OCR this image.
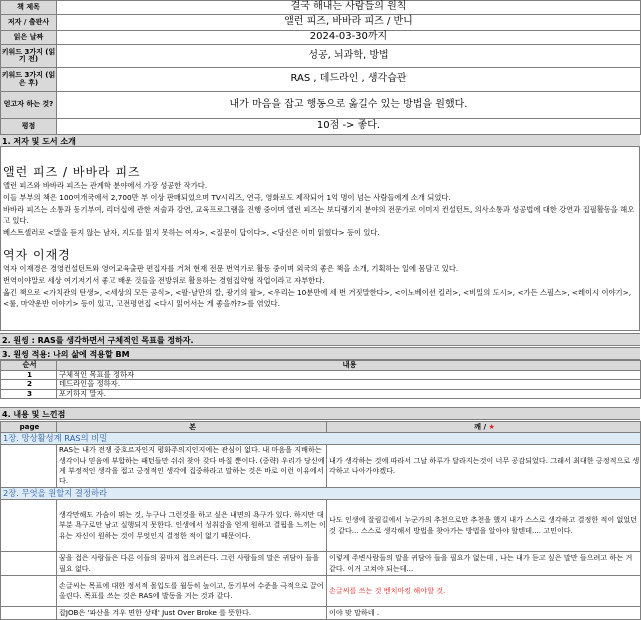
책 제목	결국 해내는 사람들의 원칙
저자 / 출판사	앨런 피즈, 바바라 피즈 / 반니
읽은 날짜	2024-03-30까지
키워드 3가지 (읽기 전)	성공, 뇌과학, 방법
키워드 3가지 (읽은 후)	RAS , 데드라인 , 생각습관
얻고자 하는 것?	내가 마음을 잡고 행동으로 옮길수 있는 방법을 원했다.
평점	10점 -> 좋다.
1. 저자 및 도서 소개
앨런 피즈 / 바바라 피즈
앨런 피즈와 바바라 피즈는 관계학 분야에서 가장 성공한 작가다.
이들 부부의 책은 100여개국에서 2,700만 부 이상 판매되었으며 TV시리즈, 연극, 영화로도 제작되어 1억 명이 넘는 사람들에게 소개 되었다.
바바라 피즈는 소통과 동기부여, 리더십에 관한 저술과 강연, 교육프로그램을 진행 중이며 앨런 피즈는 보디랭기지 분야의 전문가로 이미지 컨설턴트, 의사소통과 성공법에 대한 강연과 집필활동을 해오고 있다.
베스트셀러로 <말을 듣지 않는 남자, 지도를 읽지 못하는 여자>, <질문이 답이다>, <당신은 이미 읽혔다> 등이 있다.
역자 이재경
역자 이재경은 경영컨설턴트와 영어교육출판 편집자를 거쳐 현재 전문 번역가로 활동 중이며 외국의 좋은 책을 소개, 기획하는 일에 몸담고 있다.
번역이야말로 세상 여기저기서 좋고 배운 것들을 전방위로 활용하는 경험집약형 작업이라고 자부한다.
옮긴 책으로 <가치관의 탄생>, <세상의 모든 공식>, <팔-날만의 칼, 광기의 팔>, <우리는 10분만에 세 번 거짓말한다>, <이노베이션 킬러>, <비밀의 도시>, <가든 스필스>, <레이시 이야기>, <룰, 마약운반 이야기> 등이 있고, 고전평연집 <다시 읽어서는 게 좋을까?>를 엮었다.
2. 원씽 : RAS를 생각하면서 구체적인 목표를 정하자.
3. 원씽 적용: 나의 삶에 적용할 BM
순서	내용
1	구체적인 목표를 정하자
2	데드라인을 정하자.
3	포기하지 말자.
4. 내용 및 느낀점
page	본	깨 / ★
1장. 망상활성계 RAS의 비밀		
	RAS는 내가 전쟁 중호르자인지 평화주의지인지에는 관심이 없다. 내 마음을 지배하는 생각이나 믿음에 부합하는 패턴들만 쉬쉬 찾아 갖다 바칠 뿐이다. (중략) 우리가 당신에게 부정적인 생각을 접고 긍정적인 생각에 집중하라고 말하는 것은 바로 이런 이유에서다.	내가 생각하는 것에 따라서 그날 하루가 달라지는것이 너무 공감되었다. 그래서 최대한 긍정적으로 생각하고 나아가야겠다.
2장. 무엇을 원할지 결정하라		
	생각만해도 가슴이 뛰는 것, 누구나 그런것을 하고 싶은 내면의 욕구가 있다. 하지만 대부분 욕구로만 남고 실행되지 못한다. 인생에서 성취감을 얻게 원하고 결핍을 느끼는 이유는 자신이 원하는 것이 무엇인지 결정한 적이 없기 때문이다.	나도 인생에 잘림길에서 누군가의 추천으로만 추천을 했지 내가 스스로 생각하고 결정한 적이 없었던것 같다... 스스로 생각해서 방법을 찾아가는 방법을 알아야 할텐데.... 고민이다.
	꿈을 접은 사람들은 다른 이들의 꿈마저 접으려든다. 그런 사람들의 말은 귀담아 들을 필요 없다.	이렇게 주변사람들의 말을 귀담아 들을 필요가 없는데 , 나는 내가 듣고 싶은 말만 들으려고 하는 거 같다. 이거 고쳐야 되는데...
	손글씨는 목표에 대한 정서적 몰입도를 월등히 높이고, 동기부여 수준을 극적으로 끌어올린다. 목표를 쓰는 것은 RAS에 발동을 거는 것과 같다.	손글씨를 쓰는 것 벤치마킹 해야할 것.
	잡JOB은 '파산을 겨우 면한 상태' Just Over Broke 를 뜻한다.	이야 맞 말하네 .
